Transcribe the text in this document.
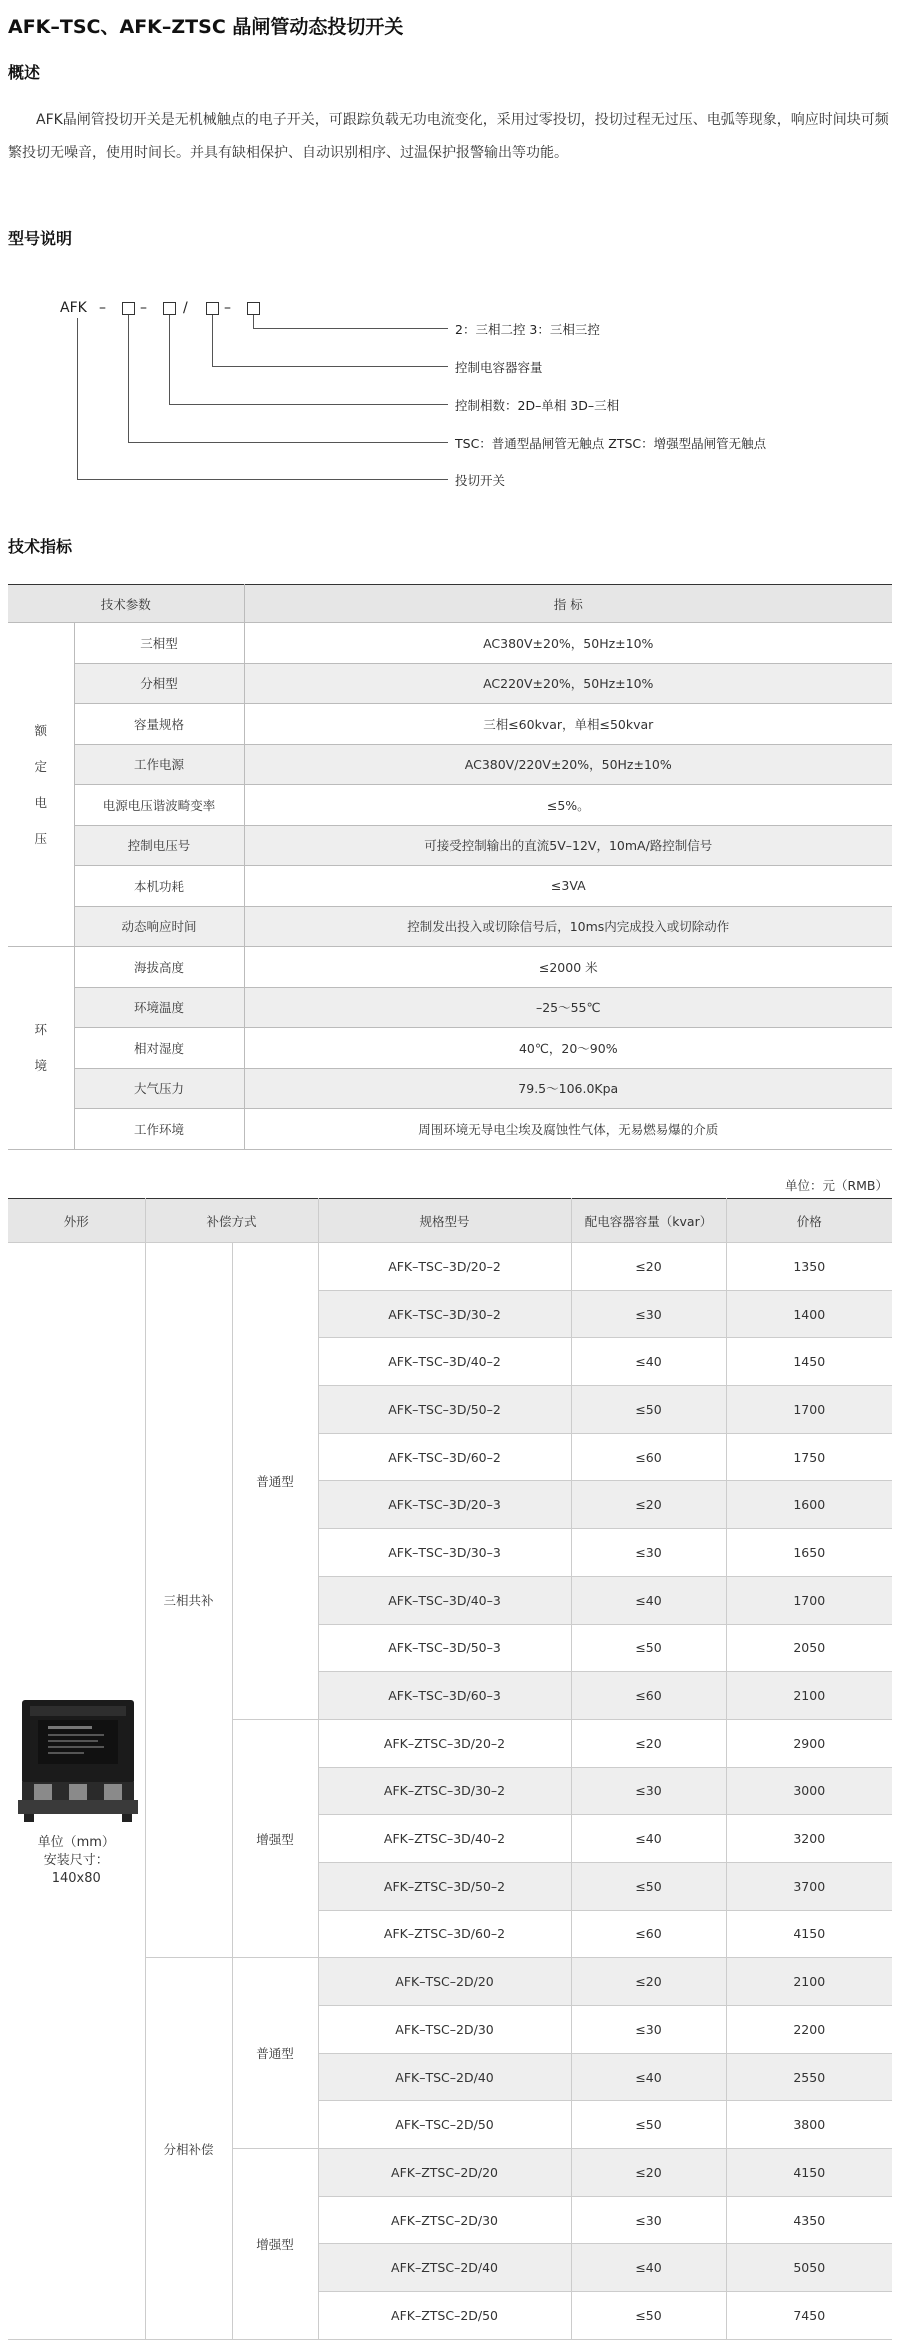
AFK–TSC、AFK–ZTSC 晶闸管动态投切开关
概述

AFK晶闸管投切开关是无机械触点的电子开关，可跟踪负载无功电流变化，采用过零投切，投切过程无过压、电弧等现象，响应时间块可频繁投切无噪音，使用时间长。并具有缺相保护、自动识别相序、过温保护报警输出等功能。

型号说明
AFK – –	/	–
2：三相二控 3：三相三控
控制电容器容量
控制相数：2D–单相 3D–三相
TSC：普通型晶闸管无触点 ZTSC：增强型晶闸管无触点
投切开关
技术指标
技术参数		指 标

额
定
电
压	三相型	AC380V±20%，50Hz±10%
	分相型	AC220V±20%，50Hz±10%
	容量规格	三相≤60kvar，单相≤50kvar
	工作电源	AC380V/220V±20%，50Hz±10%
	电源电压谐波畸变率	≤5%。
	控制电压号	可接受控制输出的直流5V–12V，10mA/路控制信号
	本机功耗	≤3VA
	动态响应时间	控制发出投入或切除信号后，10ms内完成投入或切除动作

环
境	海拔高度	≤2000 米
	环境温度	–25～55℃
	相对湿度	40℃，20～90%
	大气压力	79.5～106.0Kpa
	工作环境	周围环境无导电尘埃及腐蚀性气体，无易燃易爆的介质

单位：元（RMB）

外形	补偿方式		规格型号	配电容器容量（kvar）	价格

单位（mm）
安装尺寸：
140x80	三相共补	普通型	AFK–TSC–3D/20–2	≤20	1350
			AFK–TSC–3D/30–2	≤30	1400
			AFK–TSC–3D/40–2	≤40	1450
			AFK–TSC–3D/50–2	≤50	1700
			AFK–TSC–3D/60–2	≤60	1750
			AFK–TSC–3D/20–3	≤20	1600
			AFK–TSC–3D/30–3	≤30	1650
			AFK–TSC–3D/40–3	≤40	1700
			AFK–TSC–3D/50–3	≤50	2050
			AFK–TSC–3D/60–3	≤60	2100
		增强型	AFK–ZTSC–3D/20–2	≤20	2900
			AFK–ZTSC–3D/30–2	≤30	3000
			AFK–ZTSC–3D/40–2	≤40	3200
			AFK–ZTSC–3D/50–2	≤50	3700
			AFK–ZTSC–3D/60–2	≤60	4150
	分相补偿	普通型	AFK–TSC–2D/20	≤20	2100
			AFK–TSC–2D/30	≤30	2200
			AFK–TSC–2D/40	≤40	2550
			AFK–TSC–2D/50	≤50	3800
		增强型	AFK–ZTSC–2D/20	≤20	4150
			AFK–ZTSC–2D/30	≤30	4350
			AFK–ZTSC–2D/40	≤40	5050
			AFK–ZTSC–2D/50	≤50	7450
